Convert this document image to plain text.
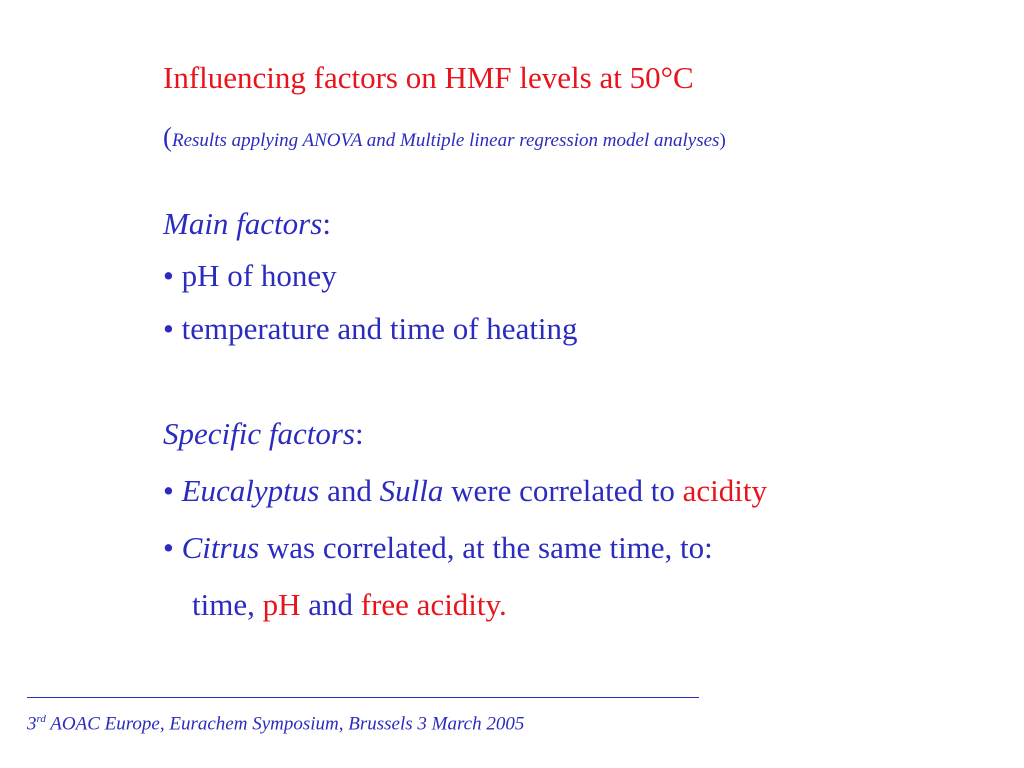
Influencing factors on HMF levels at 50°C
(Results applying ANOVA and Multiple linear regression model analyses)
Main factors:
• pH of honey
• temperature and time of heating
Specific factors:
• Eucalyptus and Sulla were correlated to acidity
• Citrus was correlated, at the same time, to:
time, pH and free acidity.
3rd AOAC Europe, Eurachem Symposium, Brussels 3 March 2005
